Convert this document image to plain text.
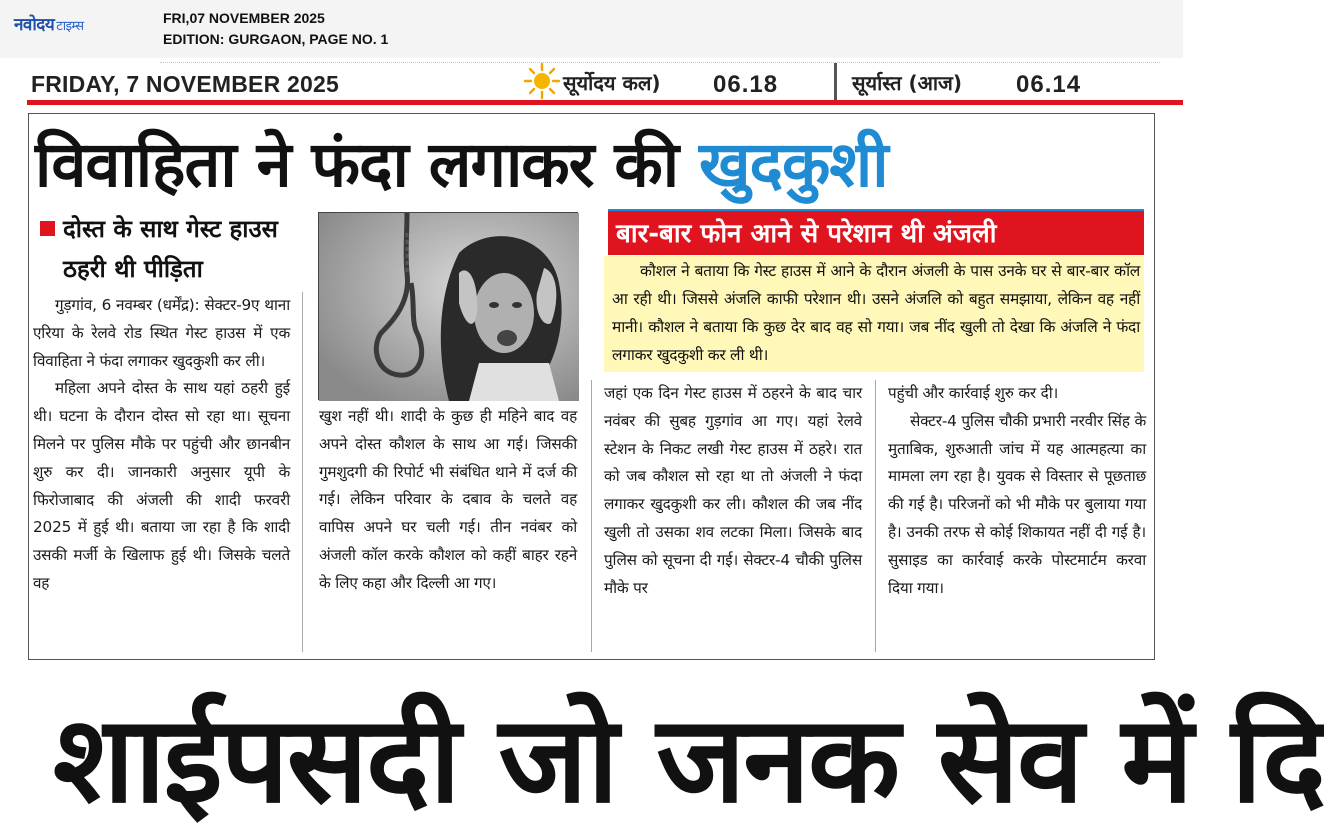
नवोदय टाइम्स
FRI,07 NOVEMBER 2025
EDITION: GURGAON, PAGE NO. 1
FRIDAY, 7 NOVEMBER 2025	सूर्योदय कल) 06.18	सूर्यास्त (आज) 06.14
विवाहिता ने फंदा लगाकर की खुदकुशी
दोस्त के साथ गेस्ट हाउस ठहरी थी पीड़िता
बार-बार फोन आने से परेशान थी अंजली
कौशल ने बताया कि गेस्ट हाउस में आने के दौरान अंजली के पास उनके घर से बार-बार कॉल आ रही थी। जिससे अंजलि काफी परेशान थी। उसने अंजलि को बहुत समझाया, लेकिन वह नहीं मानी। कौशल ने बताया कि कुछ देर बाद वह सो गया। जब नींद खुली तो देखा कि अंजलि ने फंदा लगाकर खुदकुशी कर ली थी।

गुड़गांव, 6 नवम्बर (धर्मेंद्र): सेक्टर-9ए थाना एरिया के रेलवे रोड स्थित गेस्ट हाउस में एक विवाहिता ने फंदा लगाकर खुदकुशी कर ली।

महिला अपने दोस्त के साथ यहां ठहरी हुई थी। घटना के दौरान दोस्त सो रहा था। सूचना मिलने पर पुलिस मौके पर पहुंची और छानबीन शुरु कर दी। जानकारी अनुसार यूपी के फिरोजाबाद की अंजली की शादी फरवरी 2025 में हुई थी। बताया जा रहा है कि शादी उसकी मर्जी के खिलाफ हुई थी। जिसके चलते वह

खुश नहीं थी। शादी के कुछ ही महिने बाद वह अपने दोस्त कौशल के साथ आ गई। जिसकी गुमशुदगी की रिपोर्ट भी संबंधित थाने में दर्ज की गई। लेकिन परिवार के दबाव के चलते वह वापिस अपने घर चली गई। तीन नवंबर को अंजली कॉल करके कौशल को कहीं बाहर रहने के लिए कहा और दिल्ली आ गए।

जहां एक दिन गेस्ट हाउस में ठहरने के बाद चार नवंबर की सुबह गुड़गांव आ गए। यहां रेलवे स्टेशन के निकट लखी गेस्ट हाउस में ठहरे। रात को जब कौशल सो रहा था तो अंजली ने फंदा लगाकर खुदकुशी कर ली। कौशल की जब नींद खुली तो उसका शव लटका मिला। जिसके बाद पुलिस को सूचना दी गई। सेक्टर-4 चौकी पुलिस मौके पर

पहुंची और कार्रवाई शुरु कर दी।

सेक्टर-4 पुलिस चौकी प्रभारी नरवीर सिंह के मुताबिक, शुरुआती जांच में यह आत्महत्या का मामला लग रहा है। युवक से विस्तार से पूछताछ की गई है। परिजनों को भी मौके पर बुलाया गया है। उनकी तरफ से कोई शिकायत नहीं दी गई है। सुसाइड का कार्रवाई करके पोस्टमार्टम करवा दिया गया।

शाईपसदी जो जनक सेव में दि
